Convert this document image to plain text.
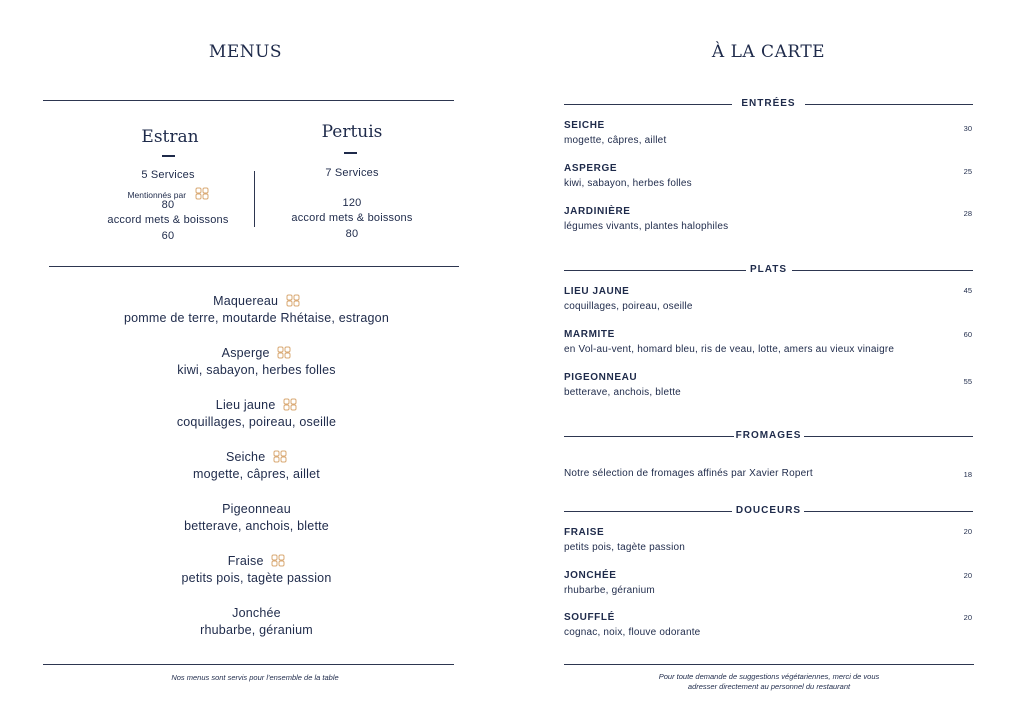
MENUS
Estran
5 Services
Mentionnés par
80
accord mets & boissons
60
Pertuis
7 Services
120
accord mets & boissons
80
Maquereau
pomme de terre, moutarde Rhétaise, estragon
Asperge
kiwi, sabayon, herbes folles
Lieu jaune
coquillages, poireau, oseille
Seiche
mogette, câpres, aillet
Pigeonneau
betterave, anchois, blette
Fraise
petits pois, tagète passion
Jonchée
rhubarbe, géranium
Nos menus sont servis pour l'ensemble de la table
À LA CARTE
ENTRÉES
SEICHE
mogette, câpres, aillet
30
ASPERGE
kiwi, sabayon, herbes folles
25
JARDINIÈRE
légumes vivants, plantes halophiles
28
PLATS
LIEU JAUNE
coquillages, poireau, oseille
45
MARMITE
en Vol-au-vent, homard bleu, ris de veau, lotte, amers au vieux vinaigre
60
PIGEONNEAU
betterave, anchois, blette
55
FROMAGES
Notre sélection de fromages affinés par Xavier Ropert	18
DOUCEURS
FRAISE
petits pois, tagète passion
20
JONCHÉE
rhubarbe, géranium
20
SOUFFLÉ
cognac, noix, flouve odorante
20
Pour toute demande de suggestions végétariennes, merci de vous
adresser directement au personnel du restaurant
